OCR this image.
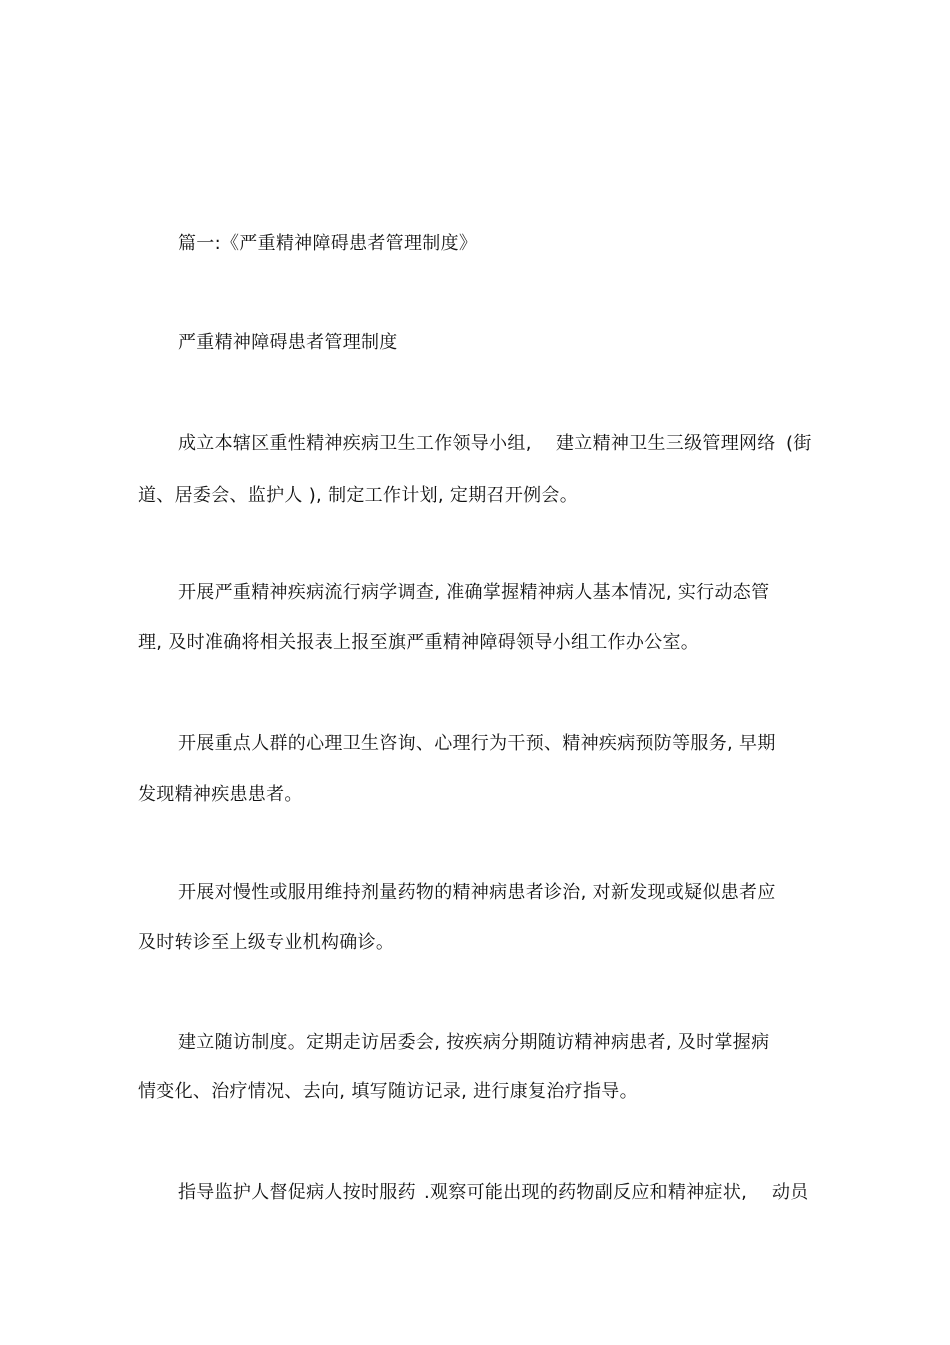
篇一:《严重精神障碍患者管理制度》
严重精神障碍患者管理制度
成立本辖区重性精神疾病卫生工作领导小组, 建立精神卫生三级管理网络 (街
道、居委会、监护人 ), 制定工作计划, 定期召开例会。
开展严重精神疾病流行病学调查, 准确掌握精神病人基本情况, 实行动态管
理, 及时准确将相关报表上报至旗严重精神障碍领导小组工作办公室。
开展重点人群的心理卫生咨询、心理行为干预、精神疾病预防等服务, 早期
发现精神疾患患者。
开展对慢性或服用维持剂量药物的精神病患者诊治, 对新发现或疑似患者应
及时转诊至上级专业机构确诊。
建立随访制度。定期走访居委会, 按疾病分期随访精神病患者, 及时掌握病
情变化、治疗情况、去向, 填写随访记录, 进行康复治疗指导。
指导监护人督促病人按时服药 .观察可能出现的药物副反应和精神症状, 动员
